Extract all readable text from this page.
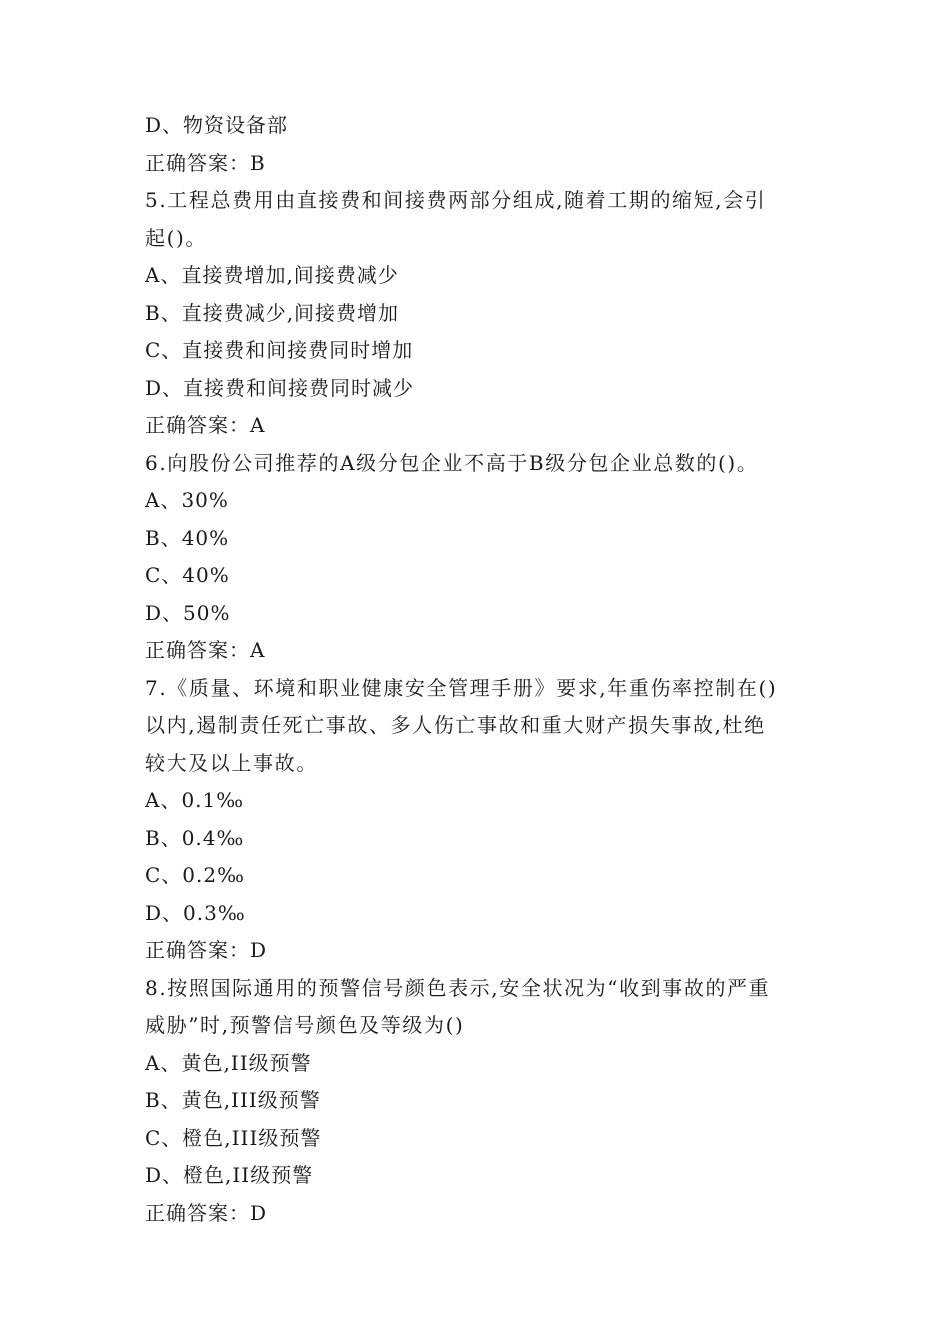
D、物资设备部
正确答案：B
5.工程总费用由直接费和间接费两部分组成,随着工期的缩短,会引
起()。
A、直接费增加,间接费减少
B、直接费减少,间接费增加
C、直接费和间接费同时增加
D、直接费和间接费同时减少
正确答案：A
6.向股份公司推荐的A级分包企业不高于B级分包企业总数的()。
A、30%
B、40%
C、40%
D、50%
正确答案：A
7.《质量、环境和职业健康安全管理手册》要求,年重伤率控制在()
以内,遏制责任死亡事故、多人伤亡事故和重大财产损失事故,杜绝
较大及以上事故。
A、0.1‰
B、0.4‰
C、0.2‰
D、0.3‰
正确答案：D
8.按照国际通用的预警信号颜色表示,安全状况为“收到事故的严重
威胁”时,预警信号颜色及等级为()
A、黄色,II级预警
B、黄色,III级预警
C、橙色,III级预警
D、橙色,II级预警
正确答案：D
